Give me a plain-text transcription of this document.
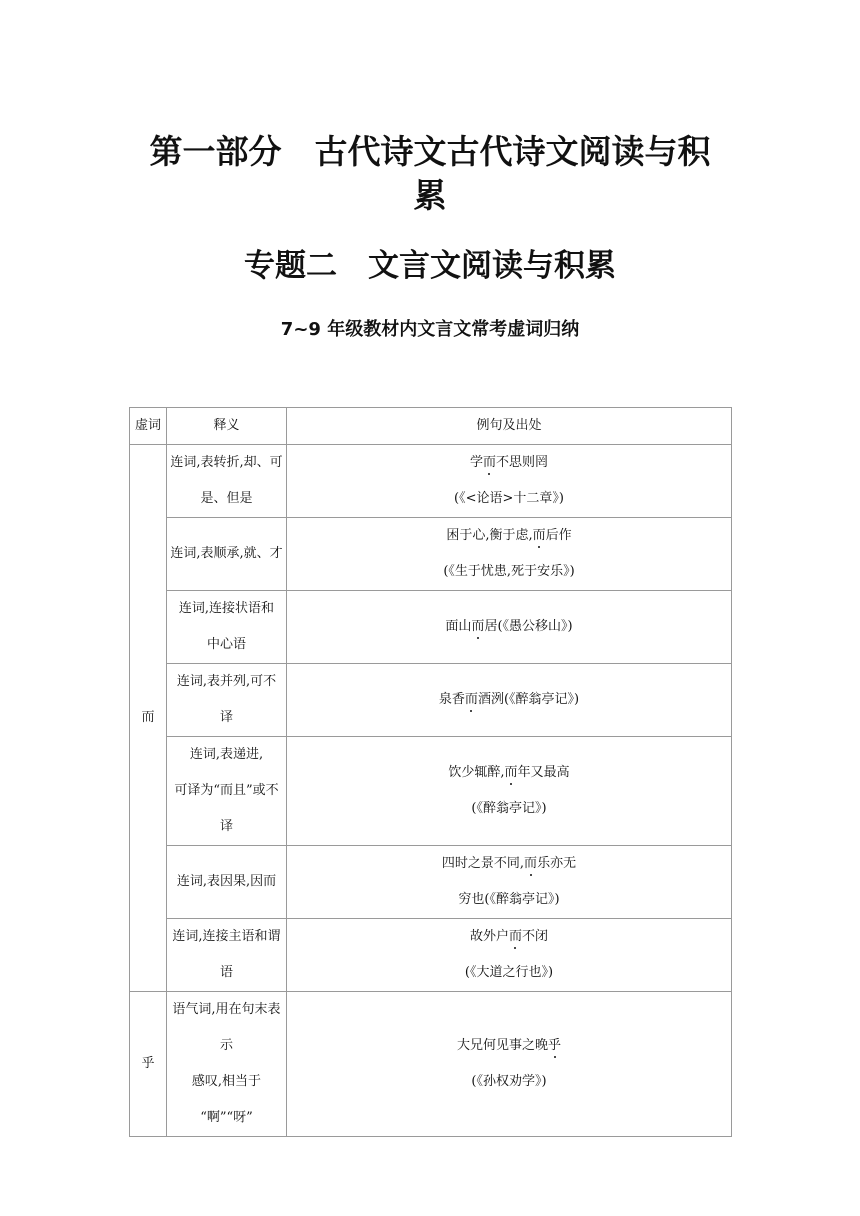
第一部分　古代诗文古代诗文阅读与积
累
专题二　文言文阅读与积累
7~9 年级教材内文言文常考虚词归纳
虚词	释义	例句及出处
而	连词,表转折,却、可
是、但是	学而不思则罔
(《<论语>十二章》)

	连词,表顺承,就、才	困于心,衡于虑,而后作
(《生于忧患,死于安乐》)

	连词,连接状语和
中心语	面山而居(《愚公移山》)

	连词,表并列,可不
译	泉香而酒洌(《醉翁亭记》)

	连词,表递进,
可译为“而且”或不
译	饮少辄醉,而年又最高
(《醉翁亭记》)

	连词,表因果,因而	四时之景不同,而乐亦无
穷也(《醉翁亭记》)

	连词,连接主语和谓
语	故外户而不闭
(《大道之行也》)

乎	语气词,用在句末表
示
感叹,相当于
“啊”“呀”	大兄何见事之晚乎
(《孙权劝学》)
